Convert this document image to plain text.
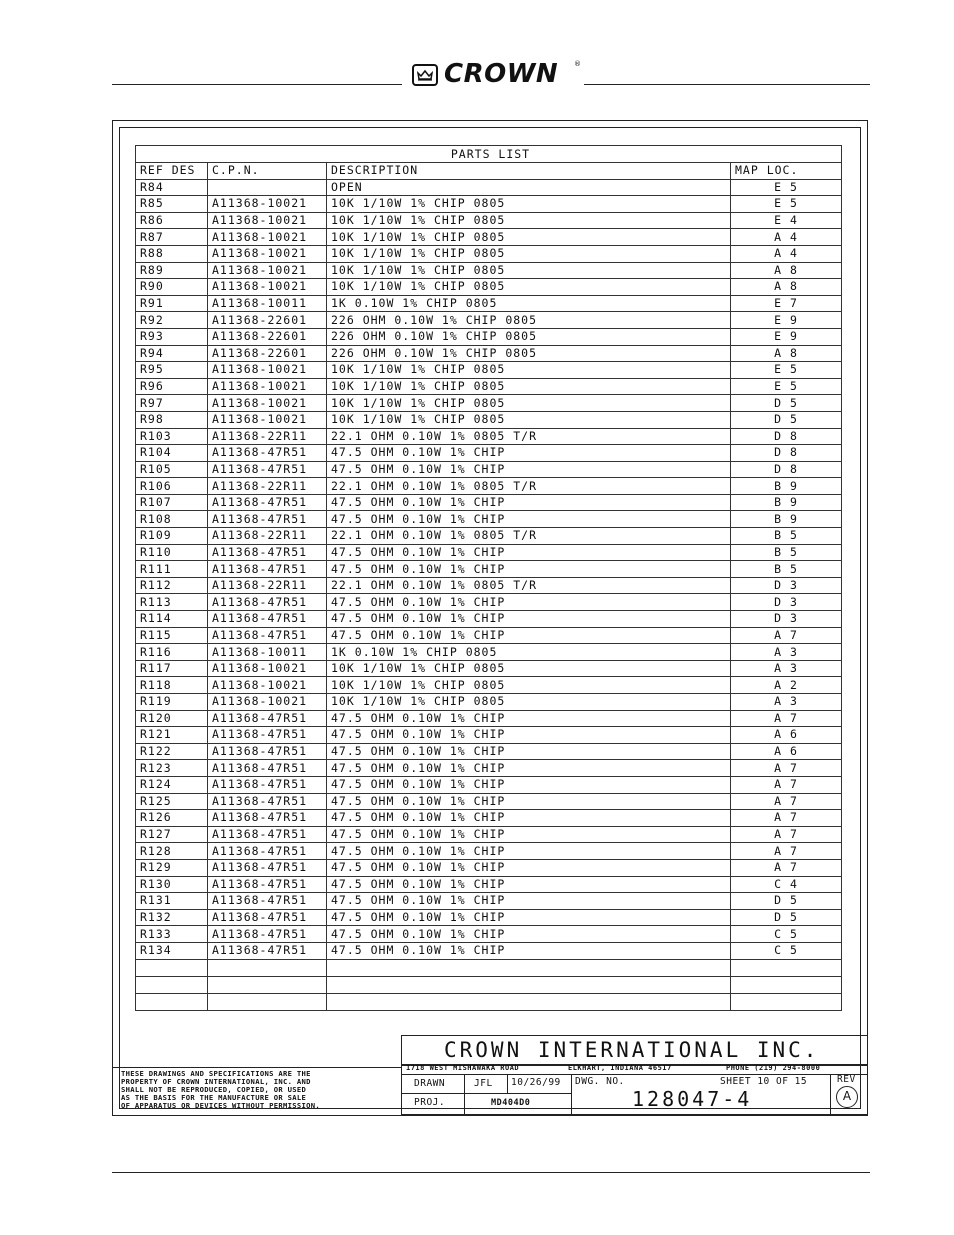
CROWN ®
PARTS LIST			
REF DES	C.P.N.	DESCRIPTION	MAP LOC.
R84		OPEN	E 5
R85	A11368-10021	10K 1/10W 1% CHIP 0805	E 5
R86	A11368-10021	10K 1/10W 1% CHIP 0805	E 4
R87	A11368-10021	10K 1/10W 1% CHIP 0805	A 4
R88	A11368-10021	10K 1/10W 1% CHIP 0805	A 4
R89	A11368-10021	10K 1/10W 1% CHIP 0805	A 8
R90	A11368-10021	10K 1/10W 1% CHIP 0805	A 8
R91	A11368-10011	1K 0.10W 1% CHIP 0805	E 7
R92	A11368-22601	226 OHM 0.10W 1% CHIP 0805	E 9
R93	A11368-22601	226 OHM 0.10W 1% CHIP 0805	E 9
R94	A11368-22601	226 OHM 0.10W 1% CHIP 0805	A 8
R95	A11368-10021	10K 1/10W 1% CHIP 0805	E 5
R96	A11368-10021	10K 1/10W 1% CHIP 0805	E 5
R97	A11368-10021	10K 1/10W 1% CHIP 0805	D 5
R98	A11368-10021	10K 1/10W 1% CHIP 0805	D 5
R103	A11368-22R11	22.1 OHM 0.10W 1% 0805 T/R	D 8
R104	A11368-47R51	47.5 OHM 0.10W 1% CHIP	D 8
R105	A11368-47R51	47.5 OHM 0.10W 1% CHIP	D 8
R106	A11368-22R11	22.1 OHM 0.10W 1% 0805 T/R	B 9
R107	A11368-47R51	47.5 OHM 0.10W 1% CHIP	B 9
R108	A11368-47R51	47.5 OHM 0.10W 1% CHIP	B 9
R109	A11368-22R11	22.1 OHM 0.10W 1% 0805 T/R	B 5
R110	A11368-47R51	47.5 OHM 0.10W 1% CHIP	B 5
R111	A11368-47R51	47.5 OHM 0.10W 1% CHIP	B 5
R112	A11368-22R11	22.1 OHM 0.10W 1% 0805 T/R	D 3
R113	A11368-47R51	47.5 OHM 0.10W 1% CHIP	D 3
R114	A11368-47R51	47.5 OHM 0.10W 1% CHIP	D 3
R115	A11368-47R51	47.5 OHM 0.10W 1% CHIP	A 7
R116	A11368-10011	1K 0.10W 1% CHIP 0805	A 3
R117	A11368-10021	10K 1/10W 1% CHIP 0805	A 3
R118	A11368-10021	10K 1/10W 1% CHIP 0805	A 2
R119	A11368-10021	10K 1/10W 1% CHIP 0805	A 3
R120	A11368-47R51	47.5 OHM 0.10W 1% CHIP	A 7
R121	A11368-47R51	47.5 OHM 0.10W 1% CHIP	A 6
R122	A11368-47R51	47.5 OHM 0.10W 1% CHIP	A 6
R123	A11368-47R51	47.5 OHM 0.10W 1% CHIP	A 7
R124	A11368-47R51	47.5 OHM 0.10W 1% CHIP	A 7
R125	A11368-47R51	47.5 OHM 0.10W 1% CHIP	A 7
R126	A11368-47R51	47.5 OHM 0.10W 1% CHIP	A 7
R127	A11368-47R51	47.5 OHM 0.10W 1% CHIP	A 7
R128	A11368-47R51	47.5 OHM 0.10W 1% CHIP	A 7
R129	A11368-47R51	47.5 OHM 0.10W 1% CHIP	A 7
R130	A11368-47R51	47.5 OHM 0.10W 1% CHIP	C 4
R131	A11368-47R51	47.5 OHM 0.10W 1% CHIP	D 5
R132	A11368-47R51	47.5 OHM 0.10W 1% CHIP	D 5
R133	A11368-47R51	47.5 OHM 0.10W 1% CHIP	C 5
R134	A11368-47R51	47.5 OHM 0.10W 1% CHIP	C 5

CROWN INTERNATIONAL INC.
1718 WEST MISHAWAKA ROAD	ELKHART, INDIANA 46517	PHONE (219) 294-8000
DRAWN	JFL 10/26/99 DWG. NO.	SHEET 10 OF 15	REV
A
PROJ.	MD404D0	128047-4
THESE DRAWINGS AND SPECIFICATIONS ARE THE
PROPERTY OF CROWN INTERNATIONAL, INC. AND
SHALL NOT BE REPRODUCED, COPIED, OR USED
AS THE BASIS FOR THE MANUFACTURE OR SALE
OF APPARATUS OR DEVICES WITHOUT PERMISSION.
